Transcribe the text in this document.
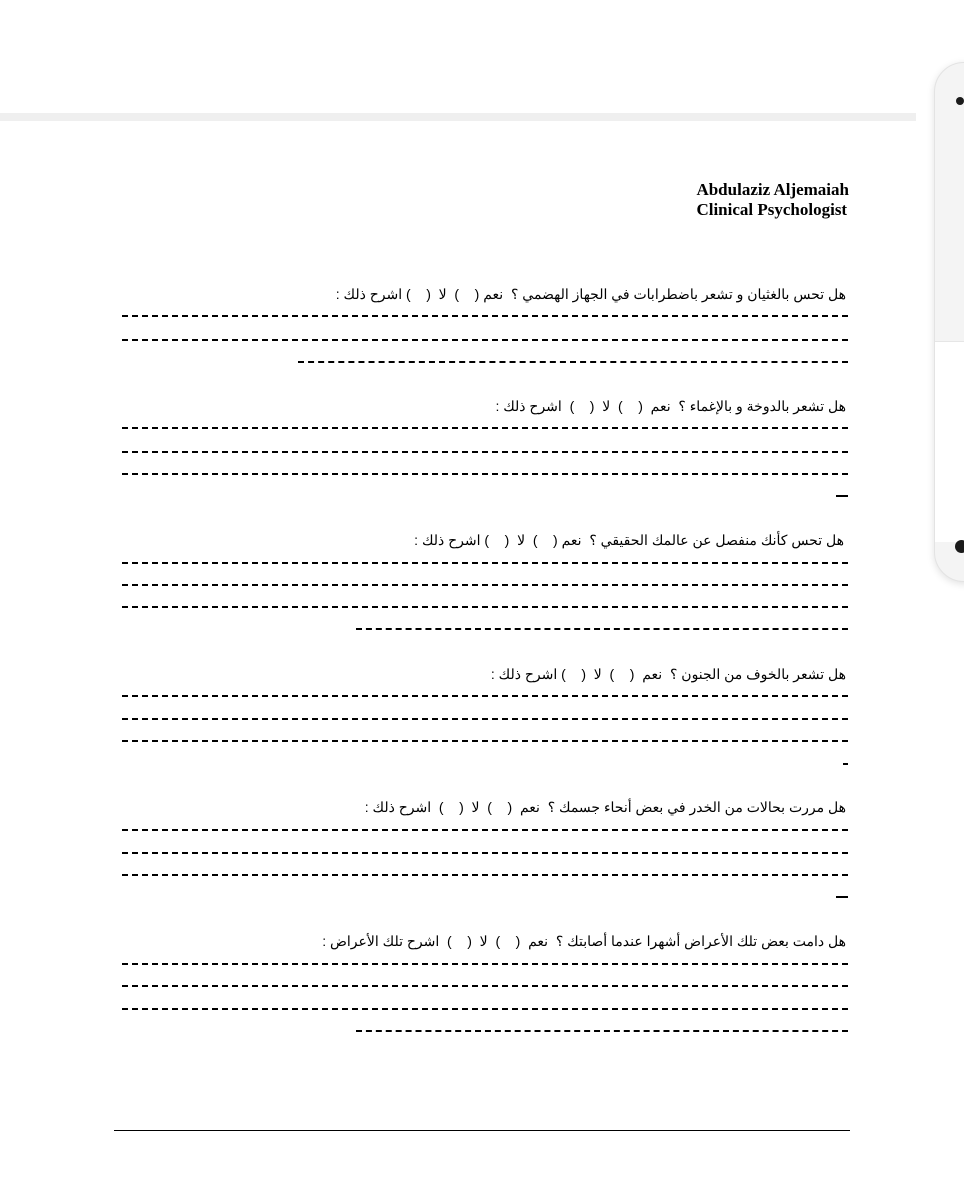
Abdulaziz Aljemaiah
Clinical Psychologist
هل تحس بالغثيان و تشعر باضطرابات في الجهاز الهضمي ؟  نعم (    )  لا  (    ) اشرح ذلك :
هل تشعر بالدوخة و بالإغماء ؟  نعم  (    )  لا  (    )  اشرح ذلك :
هل تحس كأنك منفصل عن عالمك الحقيقي ؟  نعم (    )  لا  (    ) اشرح ذلك :
هل تشعر بالخوف من الجنون ؟  نعم  (    )  لا  (    ) اشرح ذلك :
هل مررت بحالات من الخدر في بعض أنحاء جسمك ؟  نعم  (    )  لا  (    )  اشرح ذلك :
هل دامت بعض تلك الأعراض أشهرا عندما أصابتك ؟  نعم  (    )  لا  (    )  اشرح تلك الأعراض :
